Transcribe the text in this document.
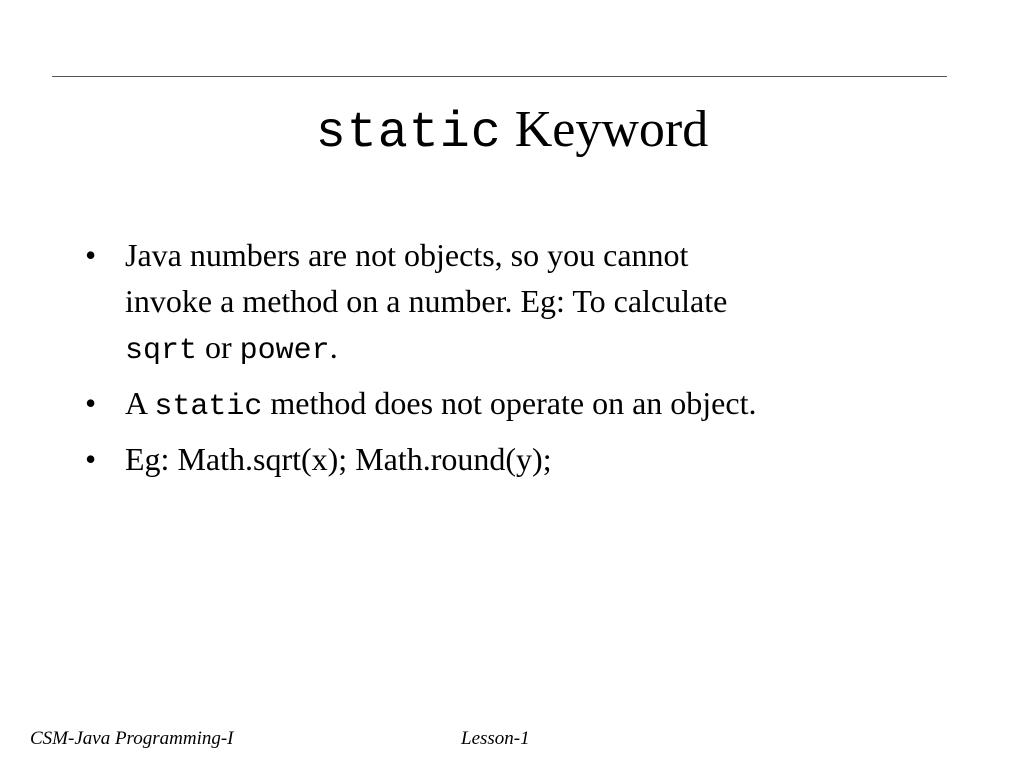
static Keyword
• Java numbers are not objects, so you cannot
invoke a method on a number. Eg: To calculate
sqrt or power.
• A static method does not operate on an object.
• Eg: Math.sqrt(x); Math.round(y);
CSM-Java Programming-I	Lesson-1
